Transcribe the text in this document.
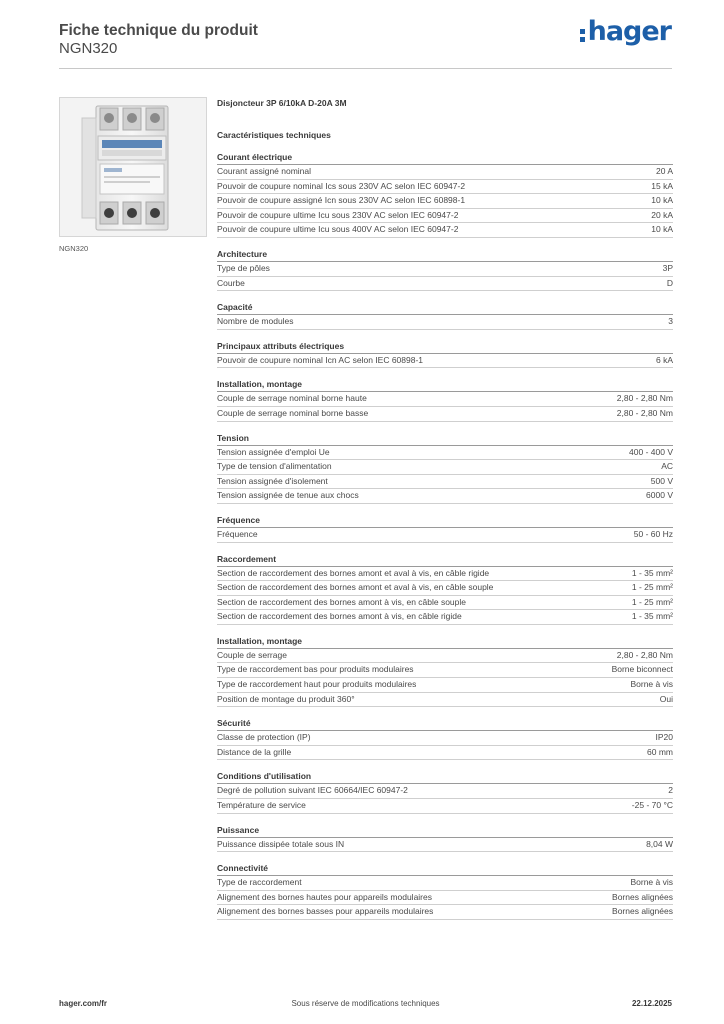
Fiche technique du produit
NGN320
hager
NGN320
Disjoncteur 3P 6/10kA D-20A 3M
Caractéristiques techniques
Courant électrique
Courant assigné nominal	20 A
Pouvoir de coupure nominal Ics sous 230V AC selon IEC 60947-2	15 kA
Pouvoir de coupure assigné Icn sous 230V AC selon IEC 60898-1	10 kA
Pouvoir de coupure ultime Icu sous 230V AC selon IEC 60947-2	20 kA
Pouvoir de coupure ultime Icu sous 400V AC selon IEC 60947-2	10 kA
Architecture
Type de pôles	3P
Courbe	D
Capacité
Nombre de modules	3
Principaux attributs électriques
Pouvoir de coupure nominal Icn AC selon IEC 60898-1	6 kA
Installation, montage
Couple de serrage nominal borne haute	2,80 - 2,80 Nm
Couple de serrage nominal borne basse	2,80 - 2,80 Nm
Tension
Tension assignée d'emploi Ue	400 - 400 V
Type de tension d'alimentation	AC
Tension assignée d'isolement	500 V
Tension assignée de tenue aux chocs	6000 V
Fréquence
Fréquence	50 - 60 Hz
Raccordement
Section de raccordement des bornes amont et aval à vis, en câble rigide	1 - 35 mm²
Section de raccordement des bornes amont et aval à vis, en câble souple	1 - 25 mm²
Section de raccordement des bornes amont à vis, en câble souple	1 - 25 mm²
Section de raccordement des bornes amont à vis, en câble rigide	1 - 35 mm²
Installation, montage
Couple de serrage	2,80 - 2,80 Nm
Type de raccordement bas pour produits modulaires	Borne biconnect
Type de raccordement haut pour produits modulaires	Borne à vis
Position de montage du produit 360°	Oui
Sécurité
Classe de protection (IP)	IP20
Distance de la grille	60 mm
Conditions d'utilisation
Degré de pollution suivant IEC 60664/IEC 60947-2	2
Température de service	-25 - 70 °C
Puissance
Puissance dissipée totale sous IN	8,04 W
Connectivité
Type de raccordement	Borne à vis
Alignement des bornes hautes pour appareils modulaires	Bornes alignées
Alignement des bornes basses pour appareils modulaires	Bornes alignées
Sous réserve de modifications techniques
hager.com/fr	22.12.2025
